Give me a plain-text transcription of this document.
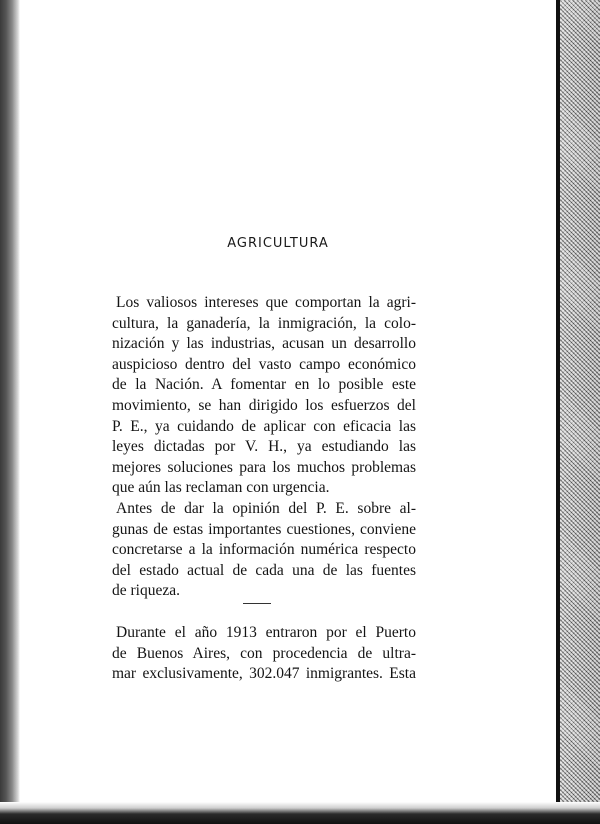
AGRICULTURA
Los valiosos intereses que comportan la agri-
cultura, la ganadería, la inmigración, la colo-
nización y las industrias, acusan un desarrollo
auspicioso dentro del vasto campo económico
de la Nación. A fomentar en lo posible este
movimiento, se han dirigido los esfuerzos del
P. E., ya cuidando de aplicar con eficacia las
leyes dictadas por V. H., ya estudiando las
mejores soluciones para los muchos problemas
que aún las reclaman con urgencia.
Antes de dar la opinión del P. E. sobre al-
gunas de estas importantes cuestiones, conviene
concretarse a la información numérica respecto
del estado actual de cada una de las fuentes
de riqueza.
Durante el año 1913 entraron por el Puerto
de Buenos Aires, con procedencia de ultra-
mar exclusivamente, 302.047 inmigrantes. Esta
